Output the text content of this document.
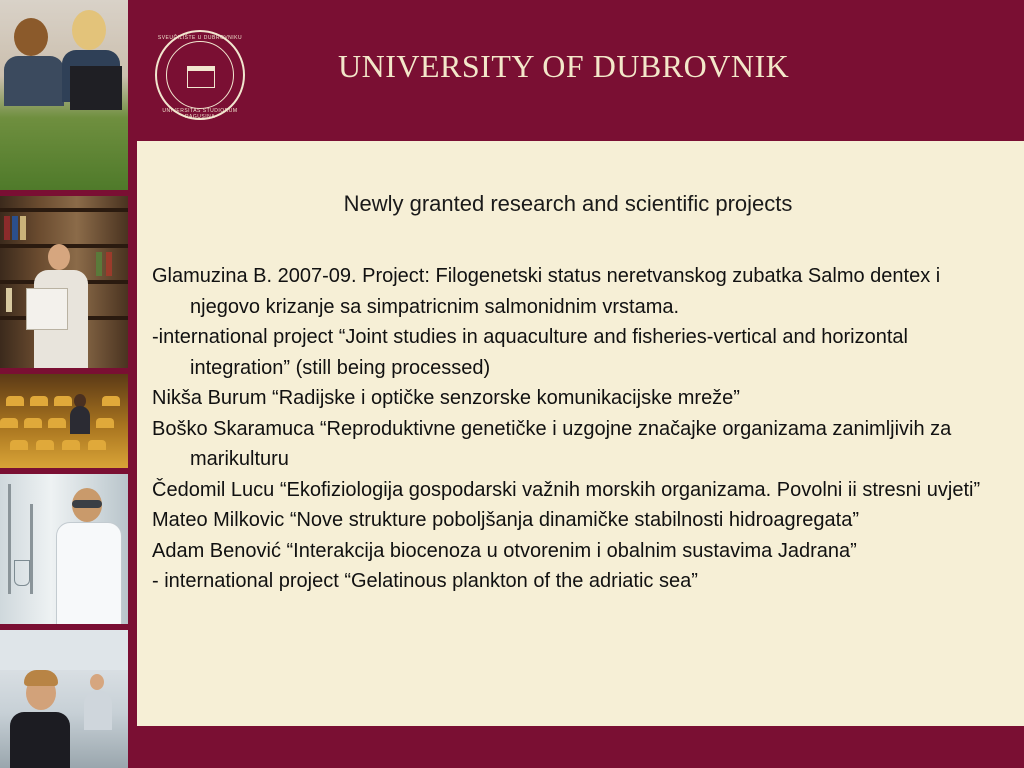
SVEUČILIŠTE U DUBROVNIKU
UNIVERSITAS STUDIORUM RAGUSINA
UNIVERSITY OF DUBROVNIK
Newly granted research and scientific projects
Glamuzina B. 2007-09. Project: Filogenetski status neretvanskog zubatka Salmo dentex i njegovo krizanje sa simpatricnim salmonidnim vrstama.
-international project “Joint studies in aquaculture and fisheries-vertical and horizontal integration” (still being processed)
Nikša Burum “Radijske i optičke senzorske komunikacijske mreže”
Boško Skaramuca “Reproduktivne genetičke i uzgojne značajke organizama zanimljivih za marikulturu
Čedomil Lucu “Ekofiziologija gospodarski važnih morskih organizama. Povolni ii stresni uvjeti”
Mateo Milkovic “Nove strukture poboljšanja dinamičke stabilnosti hidroagregata”
Adam Benović “Interakcija biocenoza u otvorenim i obalnim sustavima Jadrana”
- international project “Gelatinous plankton of the adriatic sea”
